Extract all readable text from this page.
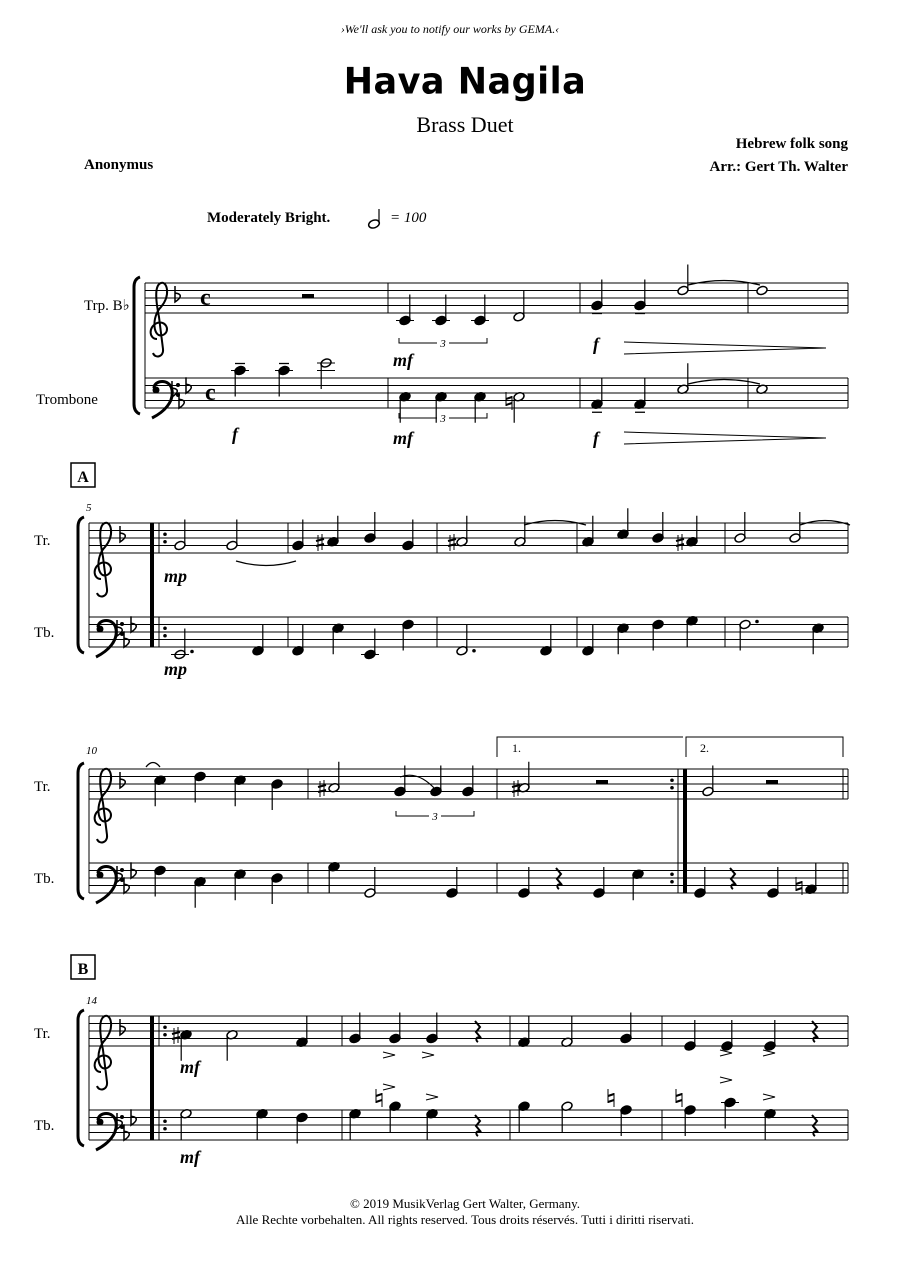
›We'll ask you to notify our works by GEMA.‹
Hava Nagila
Brass Duet
Hebrew folk song
Arr.: Gert Th. Walter
Anonymus
Moderately Bright.	= 100
Trp. B♭
Trombone
c
c
f
3
mf
3
mf
f
f
A
5
Tr.
Tb.
mp
mp
10
Tr.
Tb.
1.	2.
3
B
14
Tr.
Tb.
mf
mf
© 2019 MusikVerlag Gert Walter, Germany.
Alle Rechte vorbehalten. All rights reserved. Tous droits réservés. Tutti i diritti riservati.
